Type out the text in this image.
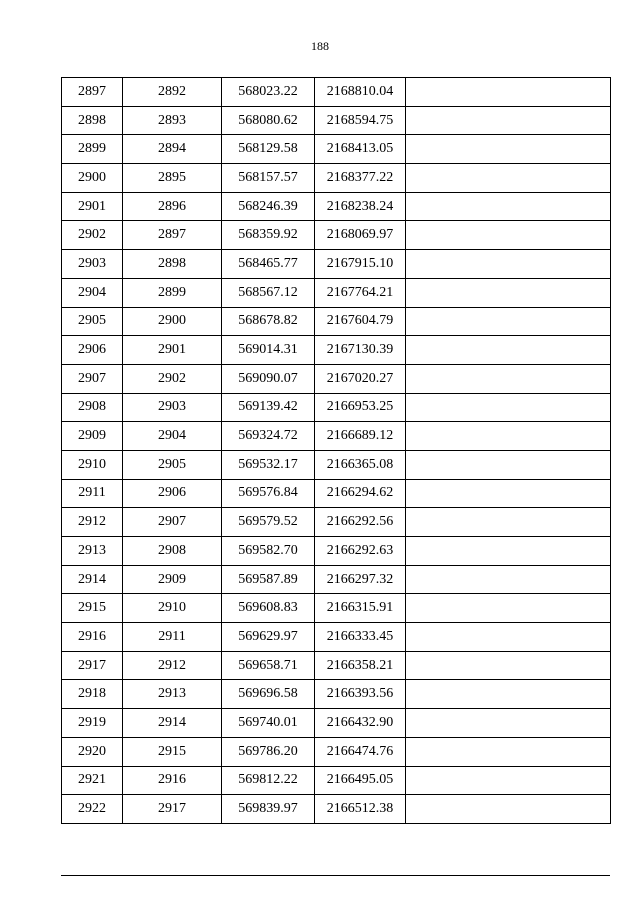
188
2897	2892	568023.22	2168810.04	
2898	2893	568080.62	2168594.75	
2899	2894	568129.58	2168413.05	
2900	2895	568157.57	2168377.22	
2901	2896	568246.39	2168238.24	
2902	2897	568359.92	2168069.97	
2903	2898	568465.77	2167915.10	
2904	2899	568567.12	2167764.21	
2905	2900	568678.82	2167604.79	
2906	2901	569014.31	2167130.39	
2907	2902	569090.07	2167020.27	
2908	2903	569139.42	2166953.25	
2909	2904	569324.72	2166689.12	
2910	2905	569532.17	2166365.08	
2911	2906	569576.84	2166294.62	
2912	2907	569579.52	2166292.56	
2913	2908	569582.70	2166292.63	
2914	2909	569587.89	2166297.32	
2915	2910	569608.83	2166315.91	
2916	2911	569629.97	2166333.45	
2917	2912	569658.71	2166358.21	
2918	2913	569696.58	2166393.56	
2919	2914	569740.01	2166432.90	
2920	2915	569786.20	2166474.76	
2921	2916	569812.22	2166495.05	
2922	2917	569839.97	2166512.38	
